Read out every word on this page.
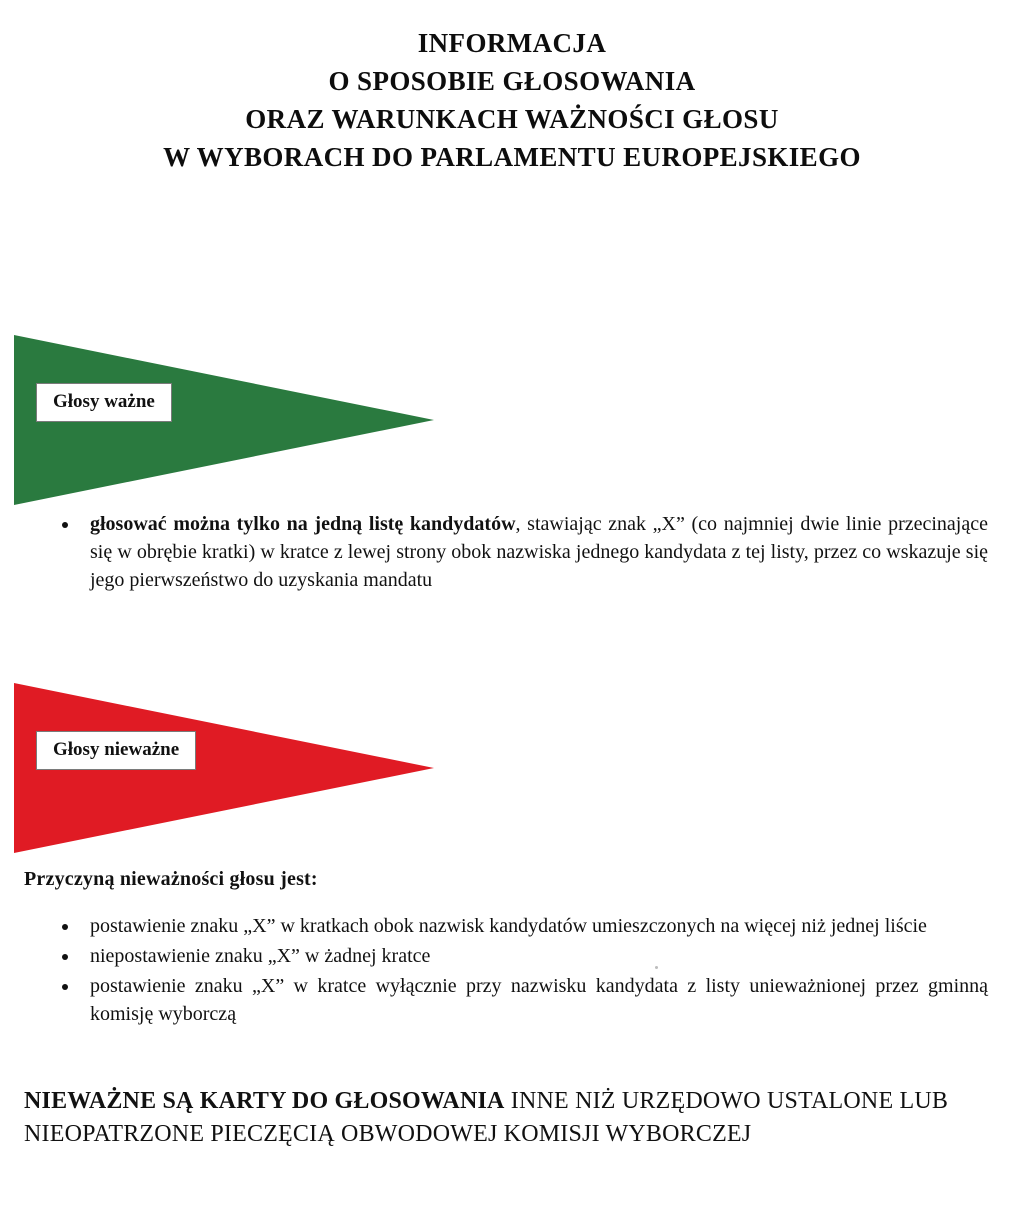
INFORMACJA
O SPOSOBIE GŁOSOWANIA
ORAZ WARUNKACH WAŻNOŚCI GŁOSU
W WYBORACH DO PARLAMENTU EUROPEJSKIEGO
Głosy ważne
głosować można tylko na jedną listę kandydatów, stawiając znak „X” (co najmniej dwie linie przecinające się w obrębie kratki) w kratce z lewej strony obok nazwiska jednego kandydata z tej listy, przez co wskazuje się jego pierwszeństwo do uzyskania mandatu
Głosy nieważne
Przyczyną nieważności głosu jest:
postawienie znaku „X” w kratkach obok nazwisk kandydatów umieszczonych na więcej niż jednej liście
niepostawienie znaku „X” w żadnej kratce
postawienie znaku „X” w kratce wyłącznie przy nazwisku kandydata z listy unieważnionej przez gminną komisję wyborczą
NIEWAŻNE SĄ KARTY DO GŁOSOWANIA INNE NIŻ URZĘDOWO USTALONE LUB NIEOPATRZONE PIECZĘCIĄ OBWODOWEJ KOMISJI WYBORCZEJ
